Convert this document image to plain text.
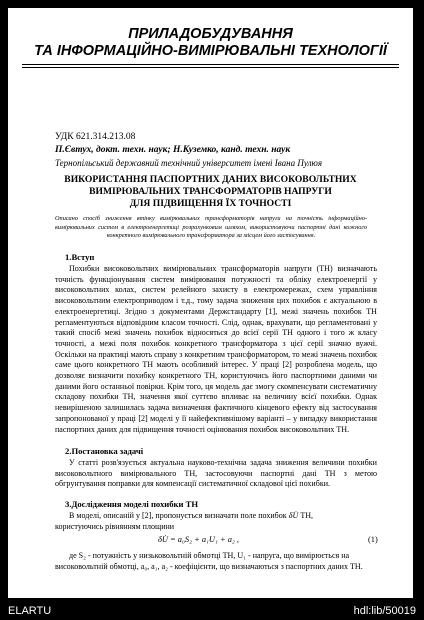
ПРИЛАДОБУДУВАННЯ
ТА ІНФОРМАЦІЙНО-ВИМІРЮВАЛЬНІ ТЕХНОЛОГІЇ
УДК 621.314.213.08
П.Євтух, докт. техн. наук; Н.Куземко, канд. техн. наук
Тернопільський державний технічний університет імені Івана Пулюя
ВИКОРИСТАННЯ ПАСПОРТНИХ ДАНИХ ВИСОКОВОЛЬТНИХ
ВИМІРЮВАЛЬНИХ ТРАНСФОРМАТОРІВ НАПРУГИ
ДЛЯ ПІДВИЩЕННЯ ЇХ ТОЧНОСТІ
Описано спосіб зниження втінку вимірювальних трансформаторів напруги на точність інформаційно-вимірювальних систем в електроенергетиці розрахунковим шляхом, використовуючи паспортні дані кожного конкретного вимірювального трансформатора за місцем його застосування.
1.Вступ

Похибки високовольтних вимірювальних трансформаторів напруги (ТН) визначають точність функціонування систем вимірювання потужності та обліку електроенергії у високовольтних колах, систем релейного захисту в електромережах, схем управління високовольтним електроприводом і т.д., тому задача зниження цих похибок є актуальною в електроенергетиці. Згідно з документами Держстандарту [1], межі значень похибок ТН регламентуються відповідним класом точності. Слід, однак, врахувати, що регламентовані у такий спосіб межі значень похибок відносяться до всієї серії ТН одного і того ж класу точності, а межі поля похибок конкретного трансформатора з цієї серії значно вужчі. Оскільки на практиці мають справу з конкретним трансформатором, то межі значень похибок саме цього конкретного ТН мають особливий інтерес. У праці [2] розроблена модель, що дозволяє визначити похибку конкретного ТН, користуючись його паспортними даними чи даними його останньої повірки. Крім того, ця модель дає змогу скомпенсувати систематичну складову похибки ТН, значення якої суттєво впливає на величину всієї похибки. Однак невирішеною залишилась задача визначення фактичного кінцевого ефекту від застосування запропонованої у праці [2] моделі у її найефективнішому варіанті – у випадку використання паспортних даних для підвищення точності оцінювання похибок високовольтних ТН.

2.Постановка задачі

У статті розв'язується актуальна науково-технічна задача зниження величини похибки високовольтного вимірювального ТН, застосовуючи паспортні дані ТН з метою обгрунтування поправки для компенсації систематичної складової цієї похибки.

3.Дослідження моделі похибки ТН

В моделі, описаній у [2], пропонується визначати поле похибок δU̇ ТН,

користуючись рівнянням площини

δU̇ = a₀S₂ + a₁U₁ + a₂ ,	(1)

де S₂ - потужність у низьковольтній обмотці ТН, U₁ - напруга, що вимірюється на

високовольтній обмотці, a₀, a₁, a₂ - коефіцієнти, що визначаються з паспортних даних ТН.

ELARTU	hdl:lib/50019
